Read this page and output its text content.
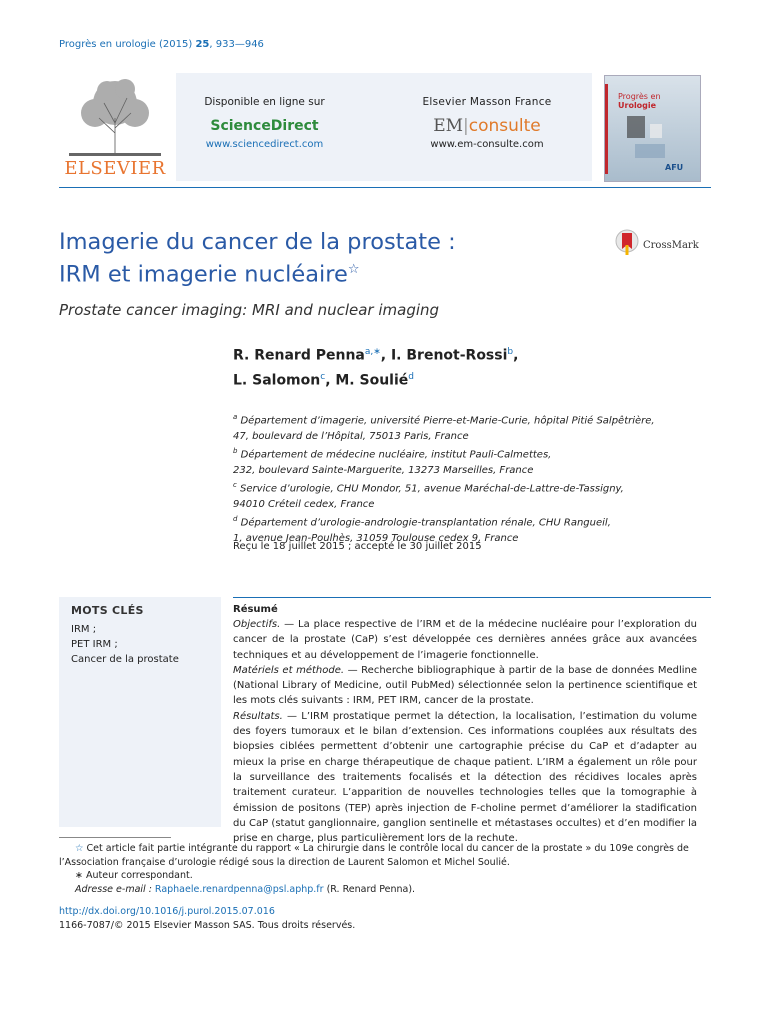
Progrès en urologie (2015) 25, 933—946
ELSEVIER
Disponible en ligne sur
ScienceDirect
www.sciencedirect.com
Elsevier Masson France
EM|consulte
www.em-consulte.com
Progrès en
Urologie
AFU
Imagerie du cancer de la prostate :
IRM et imagerie nucléaire☆
CrossMark
Prostate cancer imaging: MRI and nuclear imaging
R. Renard Penna$^{a,∗}$, I. Brenot-Rossi$^b$,
L. Salomon$^c$, M. Soulié$^d$
$^a$ Département d’imagerie, université Pierre-et-Marie-Curie, hôpital Pitié Salpêtrière,
47, boulevard de l’Hôpital, 75013 Paris, France
$^b$ Département de médecine nucléaire, institut Pauli-Calmettes,
232, boulevard Sainte-Marguerite, 13273 Marseilles, France
$^c$ Service d’urologie, CHU Mondor, 51, avenue Maréchal-de-Lattre-de-Tassigny,
94010 Créteil cedex, France
$^d$ Département d’urologie-andrologie-transplantation rénale, CHU Rangueil,
1, avenue Jean-Poulhès, 31059 Toulouse cedex 9, France
Reçu le 18 juillet 2015 ; accepté le 30 juillet 2015
MOTS CLÉS
IRM ;
PET IRM ;
Cancer de la prostate
Résumé

Objectifs. — La place respective de l’IRM et de la médecine nucléaire pour l’exploration du cancer de la prostate (CaP) s’est développée ces dernières années grâce aux avancées techniques et au développement de l’imagerie fonctionnelle.

Matériels et méthode. — Recherche bibliographique à partir de la base de données Medline (National Library of Medicine, outil PubMed) sélectionnée selon la pertinence scientifique et les mots clés suivants : IRM, PET IRM, cancer de la prostate.

Résultats. — L’IRM prostatique permet la détection, la localisation, l’estimation du volume des foyers tumoraux et le bilan d’extension. Ces informations couplées aux résultats des biopsies ciblées permettent d’obtenir une cartographie précise du CaP et d’adapter au mieux la prise en charge thérapeutique de chaque patient. L’IRM a également un rôle pour la surveillance des traitements focalisés et la détection des récidives locales après traitement curateur. L’apparition de nouvelles technologies telles que la tomographie à émission de positons (TEP) après injection de F-choline permet d’améliorer la stadification du CaP (statut ganglionnaire, ganglion sentinelle et métastases occultes) et d’en modifier la prise en charge, plus particulièrement lors de la rechute.

☆ Cet article fait partie intégrante du rapport « La chirurgie dans le contrôle local du cancer de la prostate » du 109e congrès de l’Association française d’urologie rédigé sous la direction de Laurent Salomon et Michel Soulié.

∗ Auteur correspondant.

Adresse e-mail : Raphaele.renardpenna@psl.aphp.fr (R. Renard Penna).

http://dx.doi.org/10.1016/j.purol.2015.07.016
1166-7087/© 2015 Elsevier Masson SAS. Tous droits réservés.
